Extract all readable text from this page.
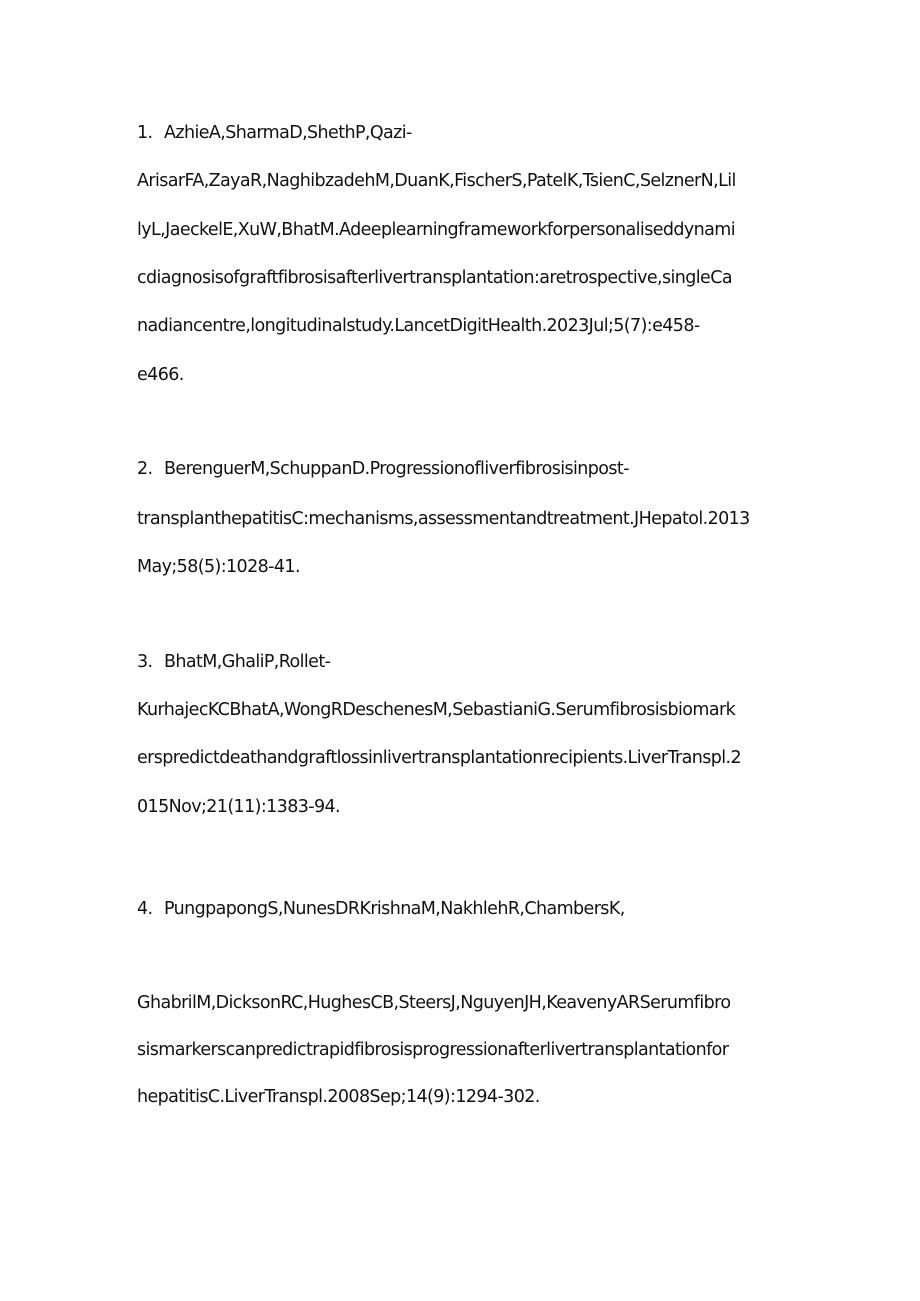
1. AzhieA,SharmaD,ShethP,Qazi-
ArisarFA,ZayaR,NaghibzadehM,DuanK,FischerS,PatelK,TsienC,SelznerN,Lil
lyL,JaeckelE,XuW,BhatM.Adeeplearningframeworkforpersonaliseddynami
cdiagnosisofgraftfibrosisafterlivertransplantation:aretrospective,singleCa
nadiancentre,longitudinalstudy.LancetDigitHealth.2023Jul;5(7):e458-
e466.
2. BerenguerM,SchuppanD.Progressionofliverfibrosisinpost-
transplanthepatitisC:mechanisms,assessmentandtreatment.JHepatol.2013
May;58(5):1028-41.
3. BhatM,GhaliP,Rollet-
KurhajecKCBhatA,WongRDeschenesM,SebastianiG.Serumfibrosisbiomark
erspredictdeathandgraftlossinlivertransplantationrecipients.LiverTranspl.2
015Nov;21(11):1383-94.
4. PungpapongS,NunesDRKrishnaM,NakhlehR,ChambersK,
GhabrilM,DicksonRC,HughesCB,SteersJ,NguyenJH,KeavenyARSerumfibro
sismarkerscanpredictrapidfibrosisprogressionafterlivertransplantationfor
hepatitisC.LiverTranspl.2008Sep;14(9):1294-302.
